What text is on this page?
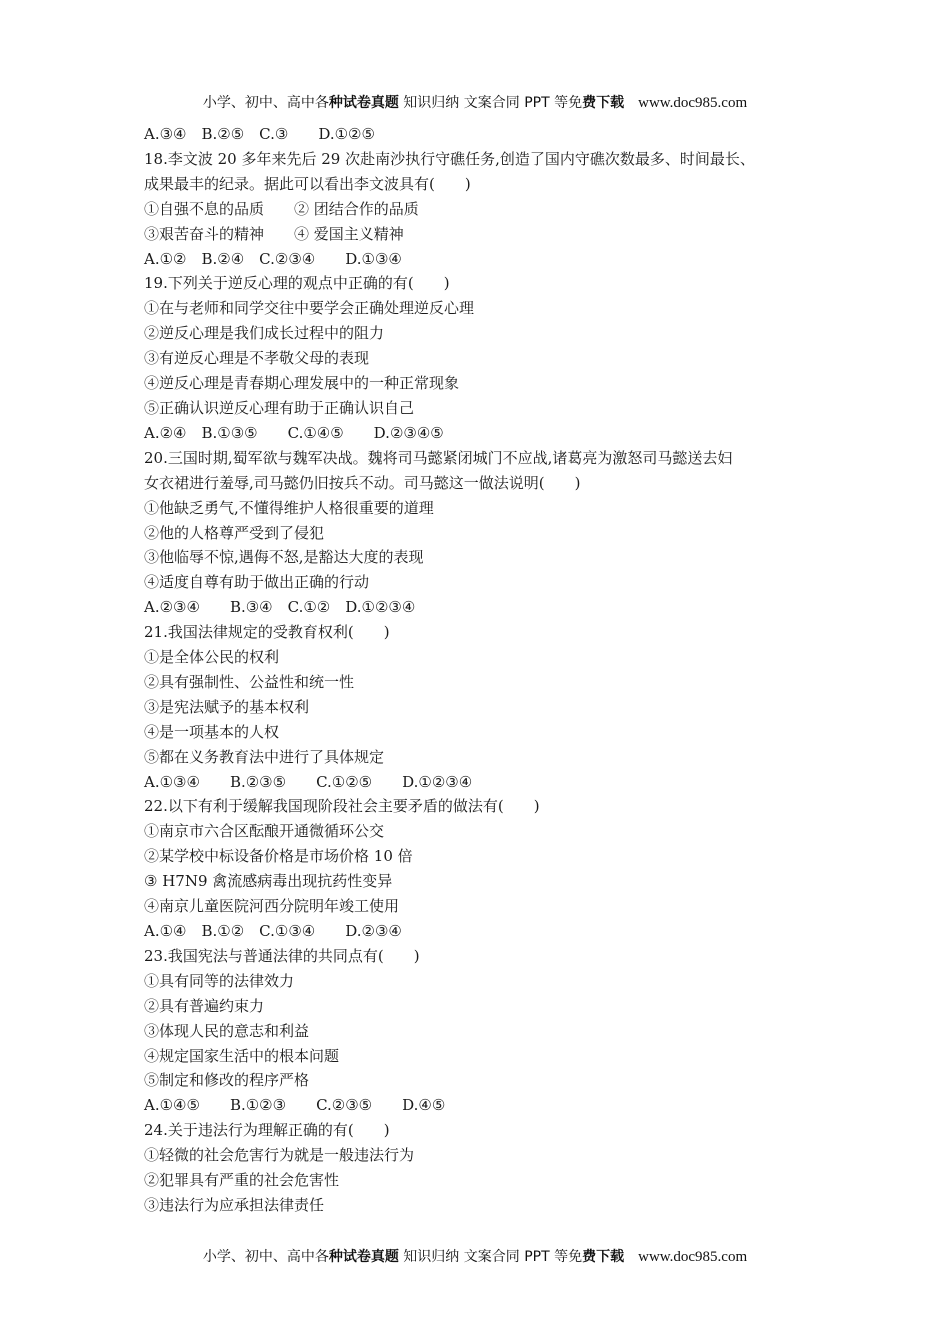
小学、初中、高中各种试卷真题 知识归纳 文案合同 PPT 等免费下载 www.doc985.com
A.③④　B.②⑤　C.③　　D.①②⑤
18.李文波 20 多年来先后 29 次赴南沙执行守礁任务,创造了国内守礁次数最多、时间最长、
成果最丰的纪录。据此可以看出李文波具有(　　)
①自强不息的品质　　② 团结合作的品质
③艰苦奋斗的精神　　④ 爱国主义精神
A.①②　B.②④　C.②③④　　D.①③④
19.下列关于逆反心理的观点中正确的有(　　)
①在与老师和同学交往中要学会正确处理逆反心理
②逆反心理是我们成长过程中的阻力
③有逆反心理是不孝敬父母的表现
④逆反心理是青春期心理发展中的一种正常现象
⑤正确认识逆反心理有助于正确认识自己
A.②④　B.①③⑤　　C.①④⑤　　D.②③④⑤
20.三国时期,蜀军欲与魏军决战。魏将司马懿紧闭城门不应战,诸葛亮为激怒司马懿送去妇
女衣裙进行羞辱,司马懿仍旧按兵不动。司马懿这一做法说明(　　)
①他缺乏勇气,不懂得维护人格很重要的道理
②他的人格尊严受到了侵犯
③他临辱不惊,遇侮不怒,是豁达大度的表现
④适度自尊有助于做出正确的行动
A.②③④　　B.③④　C.①②　D.①②③④
21.我国法律规定的受教育权利(　　)
①是全体公民的权利
②具有强制性、公益性和统一性
③是宪法赋予的基本权利
④是一项基本的人权
⑤都在义务教育法中进行了具体规定
A.①③④　　B.②③⑤　　C.①②⑤　　D.①②③④
22.以下有利于缓解我国现阶段社会主要矛盾的做法有(　　)
①南京市六合区酝酿开通微循环公交
②某学校中标设备价格是市场价格 10 倍
③ H7N9 禽流感病毒出现抗药性变异
④南京儿童医院河西分院明年竣工使用
A.①④　B.①②　C.①③④　　D.②③④
23.我国宪法与普通法律的共同点有(　　)
①具有同等的法律效力
②具有普遍约束力
③体现人民的意志和利益
④规定国家生活中的根本问题
⑤制定和修改的程序严格
A.①④⑤　　B.①②③　　C.②③⑤　　D.④⑤
24.关于违法行为理解正确的有(　　)
①轻微的社会危害行为就是一般违法行为
②犯罪具有严重的社会危害性
③违法行为应承担法律责任
小学、初中、高中各种试卷真题 知识归纳 文案合同 PPT 等免费下载 www.doc985.com
